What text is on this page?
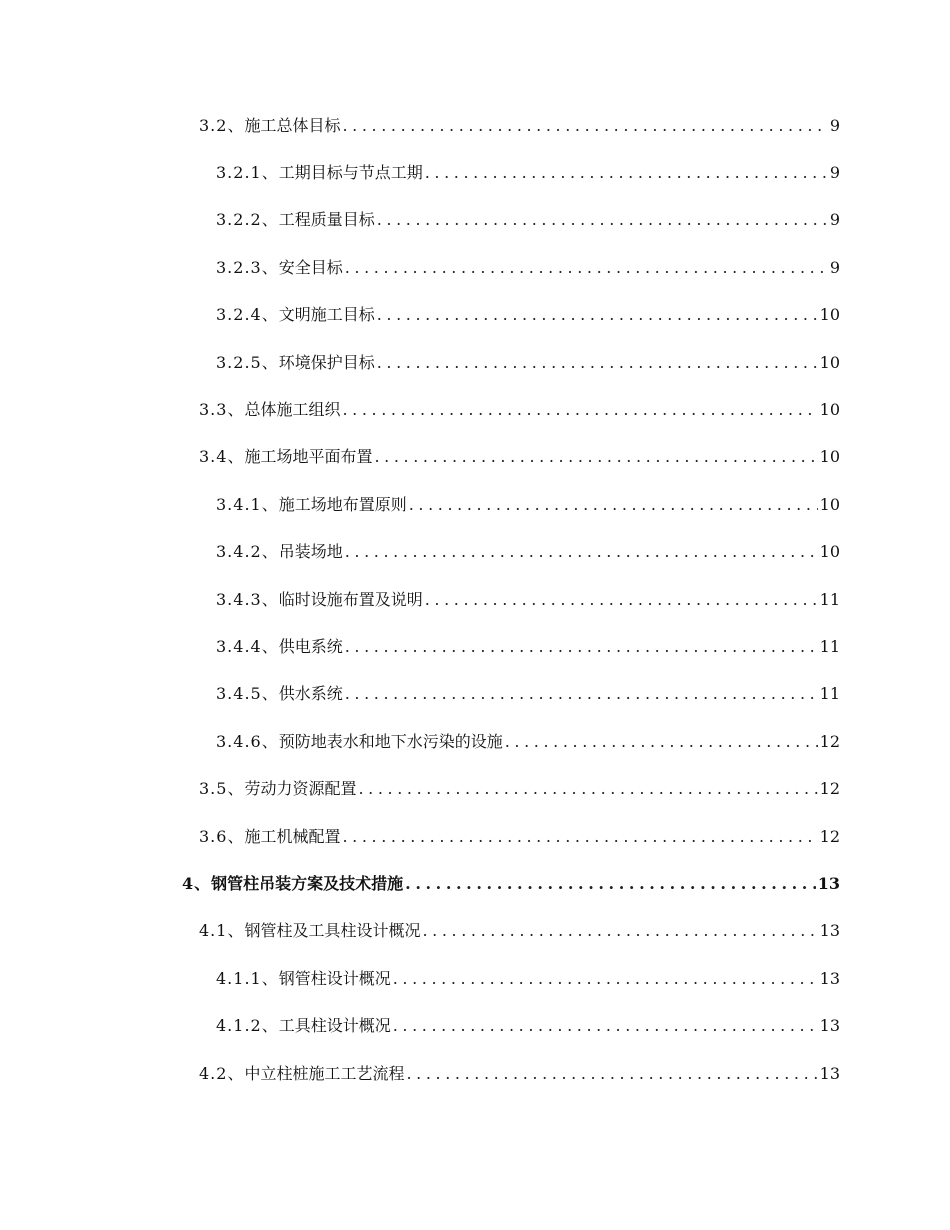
3.2、 施工总体目标 .....	9
3.2.1、 工期目标与节点工期 .....	9
3.2.2、 工程质量目标 .....	9
3.2.3、 安全目标 .....	9
3.2.4、 文明施工目标 .....	10
3.2.5、 环境保护目标 .....	10
3.3、 总体施工组织 .....	10
3.4、 施工场地平面布置 .....	10
3.4.1、 施工场地布置原则 .....	10
3.4.2、 吊装场地 .....	10
3.4.3、 临时设施布置及说明 .....	11
3.4.4、 供电系统 .....	11
3.4.5、 供水系统 .....	11
3.4.6、 预防地表水和地下水污染的设施 .....	12
3.5、 劳动力资源配置 .....	12
3.6、 施工机械配置 .....	12
4、 钢管柱吊装方案及技术措施 .....	13
4.1、 钢管柱及工具柱设计概况 .....	13
4.1.1、 钢管柱设计概况 .....	13
4.1.2、 工具柱设计概况 .....	13
4.2、 中立柱桩施工工艺流程 .....	13
